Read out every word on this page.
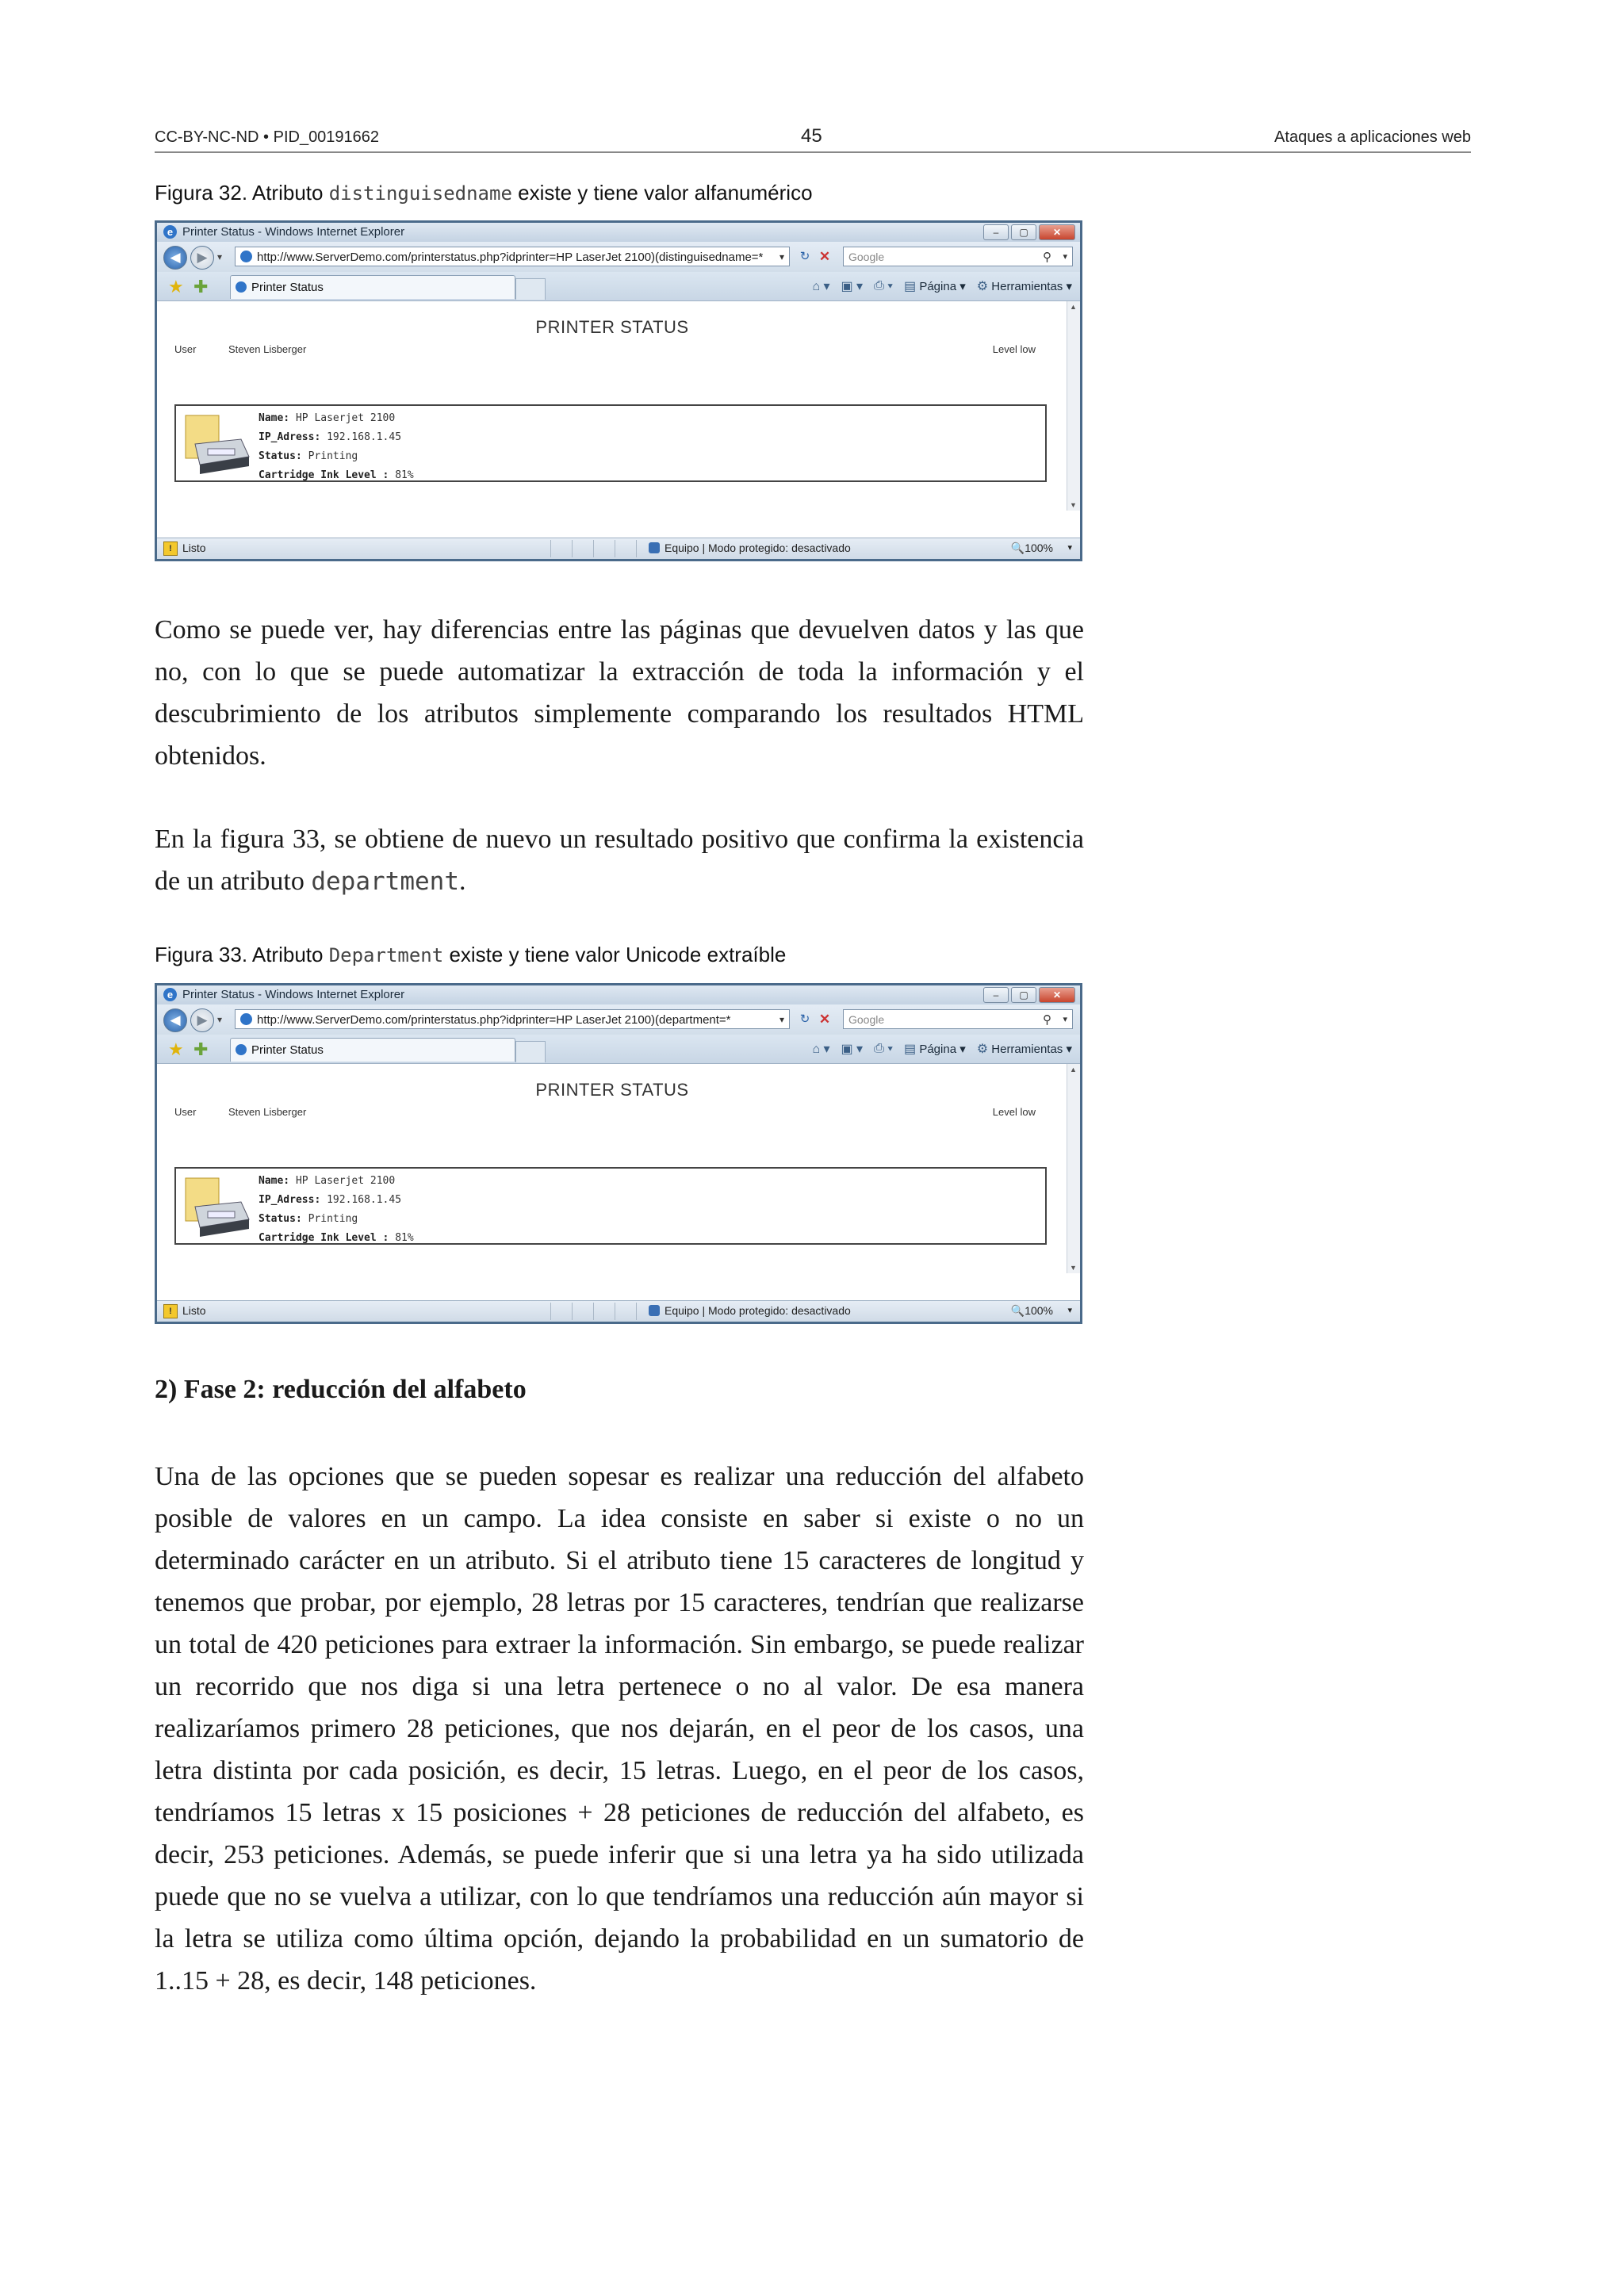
CC-BY-NC-ND • PID_00191662	45	Ataques a aplicaciones web
Figura 32. Atributo distinguisedname existe y tiene valor alfanumérico
e Printer Status - Windows Internet Explorer	–	▢	✕
◀	▶	▾	http://www.ServerDemo.com/printerstatus.php?idprinter=HP LaserJet 2100)(distinguisedname=* ▾	↻ ✕	Google	⚲ ▾
★ ✚	Printer Status	⌂ ▾ ▣ ▾ ⎙ ▾ ▤ Página ▾ ⚙ Herramientas ▾
PRINTER STATUS
User	Steven Lisberger	Level low
Name: HP Laserjet 2100
IP_Adress: 192.168.1.45
Status: Printing
Cartridge Ink Level : 81%
▲
▼
! Listo	Equipo | Modo protegido: desactivado	🔍100% ▾

Como se puede ver, hay diferencias entre las páginas que devuelven datos y las que no, con lo que se puede automatizar la extracción de toda la información y el descubrimiento de los atributos simplemente comparando los resultados HTML obtenidos.

En la figura 33, se obtiene de nuevo un resultado positivo que confirma la existencia de un atributo department.

Figura 33. Atributo Department existe y tiene valor Unicode extraíble
e Printer Status - Windows Internet Explorer	–	▢	✕
◀	▶	▾	http://www.ServerDemo.com/printerstatus.php?idprinter=HP LaserJet 2100)(department=*	▾	↻ ✕	Google	⚲ ▾
★ ✚	Printer Status	⌂ ▾ ▣ ▾ ⎙ ▾ ▤ Página ▾ ⚙ Herramientas ▾
PRINTER STATUS
User	Steven Lisberger	Level low
Name: HP Laserjet 2100
IP_Adress: 192.168.1.45
Status: Printing
Cartridge Ink Level : 81%
▲
▼
! Listo	Equipo | Modo protegido: desactivado	🔍100% ▾
2) Fase 2: reducción del alfabeto

Una de las opciones que se pueden sopesar es realizar una reducción del alfabeto posible de valores en un campo. La idea consiste en saber si existe o no un determinado carácter en un atributo. Si el atributo tiene 15 caracteres de longitud y tenemos que probar, por ejemplo, 28 letras por 15 caracteres, tendrían que realizarse un total de 420 peticiones para extraer la información. Sin embargo, se puede realizar un recorrido que nos diga si una letra pertenece o no al valor. De esa manera realizaríamos primero 28 peticiones, que nos dejarán, en el peor de los casos, una letra distinta por cada posición, es decir, 15 letras. Luego, en el peor de los casos, tendríamos 15 letras x 15 posiciones + 28 peticiones de reducción del alfabeto, es decir, 253 peticiones. Además, se puede inferir que si una letra ya ha sido utilizada puede que no se vuelva a utilizar, con lo que tendríamos una reducción aún mayor si la letra se utiliza como última opción, dejando la probabilidad en un sumatorio de 1..15 + 28, es decir, 148 peticiones.
